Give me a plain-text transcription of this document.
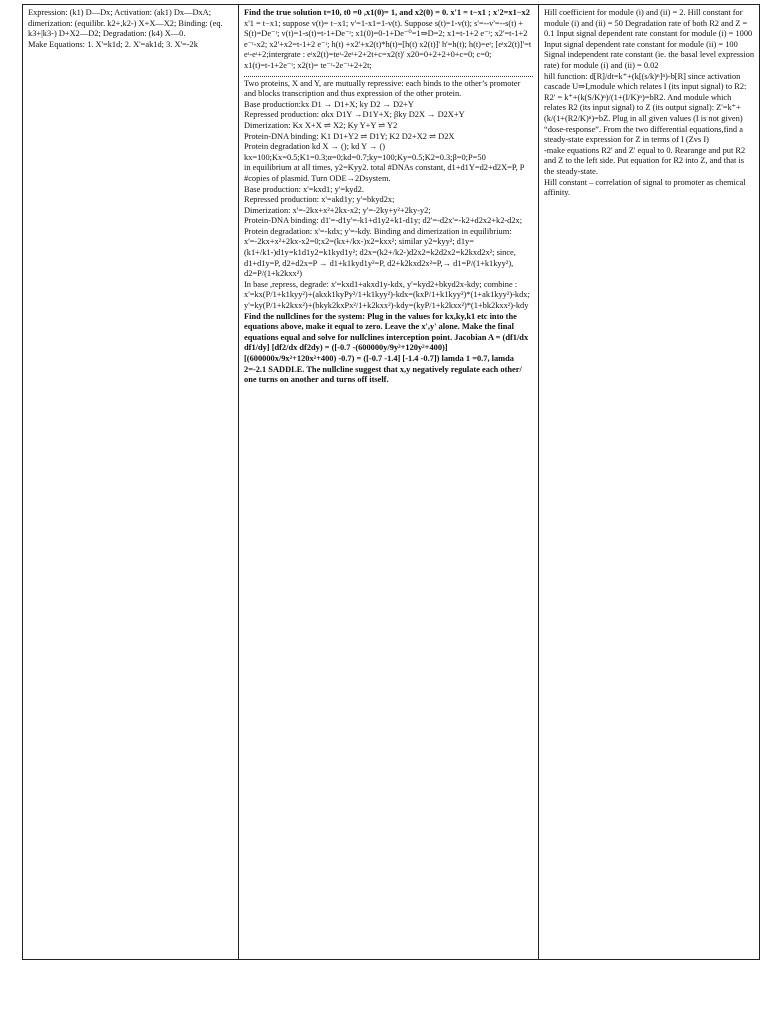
Expression: (k1) D—Dx; Activation: (ak1) Dx—DxA; dimerization: (equilibr. k2+,k2-) X+X—X2; Binding: (eq. k3+|k3-) D+X2—D2; Degradation: (k4) X—0.

Make Equations: 1. X'=k1d; 2. X'=ak1d; 3. X'=-2k

Find the true solution t=10, t0 =0 ,x1(0)= 1, and x2(0) = 0. x'1 = t−x1 ; x'2=x1−x2

x'1 = t−x1; suppose v(t)= t−x1; v'=1-x1=1-v(t). Suppose s(t)=1-v(t); s'=--v'=--s(t) + S(t)=De⁻ᵗ; v(t)=1-s(t)=t-1+De⁻ᵗ; x1(0)=0-1+De⁻⁰=1⇒D=2; x1=t-1+2 e⁻ᵗ; x2'=t-1+2 e⁻ᵗ-x2; x2'+x2=t-1+2 e⁻ᵗ; h(t) +x2'+x2(t)*h(t)=[h(t) x2(t)]' h'=h(t); h(t)=eᵗ; [eᵗx2(t)]'=t eᵗ-eᵗ+2;intergrate : eᵗx2(t)=teᵗ-2eᵗ+2+2t+c=x2(t)' x20=0+2+2+0+c=0; c=0;

x1(t)=t-1+2e⁻ᵗ; x2(t)= te⁻ᵗ-2e⁻ᵗ+2+2t;

Two proteins, X and Y, are mutually repressive: each binds to the other’s promoter and blocks transcription and thus expression of the other protein.

Base production:kx D1 → D1+X; ky D2 → D2+Y

Repressed production: αkx D1Y →D1Y+X; βky D2X → D2X+Y

Dimerization: Kx X+X ⇌ X2; Ky Y+Y ⇌ Y2

Protein-DNA binding: K1 D1+Y2 ⇌ D1Y; K2 D2+X2 ⇌ D2X

Protein degradation kd X → (); kd Y → ()

kx=100;Kx=0.5;K1=0.3;α=0;kd=0.7;ky=100;Ky=0.5;K2=0.3;β=0;P=50

in equilibrium at all times, y2=Kyy2. total #DNAs constant, d1+d1Y=d2+d2X=P, P #copies of plasmid. Turn ODE→2Dsystem.

Base production: x'=kxd1; y'=kyd2.

Repressed production: x'=akd1y; y'=bkyd2x;

Dimerization: x'=-2kx+x²+2kx-x2; y'=-2ky+y²+2ky-y2;

Protein-DNA binding: d1'=-d1y'=-k1+d1y2+k1-d1y; d2'=-d2x'=-k2+d2x2+k2-d2x; Protein degradation: x'=-kdx; y'=-kdy. Binding and dimerization in equilibrium: x'=-2kx+x²+2kx-x2=0;x2=(kx+/kx-)x2=kxx²; similar y2=kyy²; d1y=(k1+/k1-)d1y=k1d1y2=k1kyd1y²; d2x=(k2+/k2-)d2x2=k2d2x2=k2kxd2x²; since, d1+d1y=P, d2+d2x=P → d1+k1kyd1y²=P, d2+k2kxd2x²=P,→ d1=P/(1+k1kyy²), d2=P/(1+k2kxx²)

In base ,repress, degrade: x'=kxd1+akxd1y-kdx, y'=kyd2+bkyd2x-kdy; combine : x'=kx(P/1+k1kyy²)+(akxk1kyPy²/1+k1kyy²)-kdx=(kxP/1+k1kyy²)*(1+ak1kyy²)-kdx; y'=ky(P/1+k2kxx²)+(bkyk2kxPx²/1+k2kxx²)-kdy=(kyP/1+k2kxx²)*(1+bk2kxx²)-kdy

Find the nullclines for the system: Plug in the values for kx,ky,k1 etc into the equations above, make it equal to zero. Leave the x',y' alone. Make the final equations equal and solve for nullclines interception point. Jacobian A = (df1/dx df1/dy] [df2/dx df2dy) = ([-0.7 -(600000y/9y²+120y²+400)] [(600000x/9x²+120x²+400) -0.7) = ([-0.7 -1.4] [-1.4 -0.7]) lamda 1 =0.7, lamda 2=-2.1 SADDLE. The nullcline suggest that x,y negatively regulate each other/ one turns on another and turns off itself.

Hill coefficient for module (i) and (ii) = 2. Hill constant for module (i) and (ii) = 50 Degradation rate of both R2 and Z = 0.1 Input signal dependent rate constant for module (i) = 1000 Input signal dependent rate constant for module (ii) = 100 Signal independent rate constant (ie. the basal level expression rate) for module (i) and (ii) = 0.02

hill function: d[R]/dt=k⁺+(k[(s/k)ⁿ]ⁿ)-b[R] since activation cascade U⇒I,module which relates I (its input signal) to R2: R2' = k⁺+(k(S/K)ⁿ)/(1+(I/K)ⁿ)=bR2. And module which relates R2 (its input signal) to Z (its output signal): Z'=k⁺+(k/(1+(R2/K)ⁿ)=bZ. Plug in all given values (I is not given)

“dose-response”. From the two differential equations,find a steady-state expression for Z in terms of I (Zvs I)

-make equations R2' and Z' equal to 0. Rearange and put R2 and Z to the left side. Put equation for R2 into Z, and that is the steady-state.

Hill constant – correlation of signal to promoter as chemical affinity.
